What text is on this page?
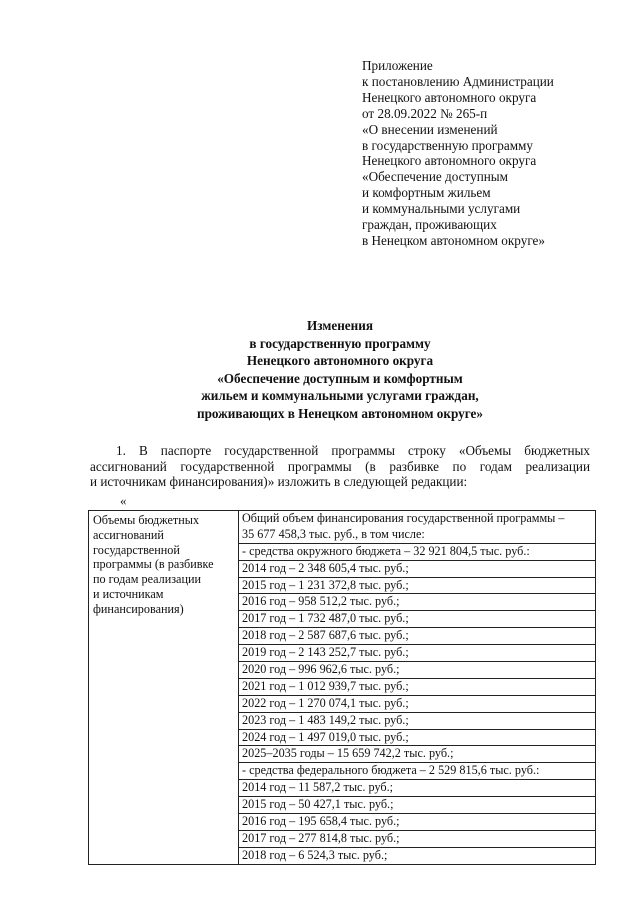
Приложение
к постановлению Администрации
Ненецкого автономного округа
от 28.09.2022 № 265-п
«О внесении изменений
в государственную программу
Ненецкого автономного округа
«Обеспечение доступным
и комфортным жильем
и коммунальными услугами
граждан, проживающих
в Ненецком автономном округе»
Изменения
в государственную программу
Ненецкого автономного округа
«Обеспечение доступным и комфортным
жильем и коммунальными услугами граждан,
проживающих в Ненецком автономном округе»
1. В паспорте государственной программы строку «Объемы бюджетных
ассигнований государственной программы (в разбивке по годам реализации
и источникам финансирования)» изложить в следующей редакции:
«
Объемы бюджетных
ассигнований
государственной
программы (в разбивке
по годам реализации
и источникам
финансирования)

Общий объем финансирования государственной программы –
35 677 458,3 тыс. руб., в том числе:
- средства окружного бюджета – 32 921 804,5 тыс. руб.:
2014 год – 2 348 605,4 тыс. руб.;
2015 год – 1 231 372,8 тыс. руб.;
2016 год – 958 512,2 тыс. руб.;
2017 год – 1 732 487,0 тыс. руб.;
2018 год – 2 587 687,6 тыс. руб.;
2019 год – 2 143 252,7 тыс. руб.;
2020 год – 996 962,6 тыс. руб.;
2021 год – 1 012 939,7 тыс. руб.;
2022 год – 1 270 074,1 тыс. руб.;
2023 год – 1 483 149,2 тыс. руб.;
2024 год – 1 497 019,0 тыс. руб.;
2025–2035 годы – 15 659 742,2 тыс. руб.;
- средства федерального бюджета – 2 529 815,6 тыс. руб.:
2014 год – 11 587,2 тыс. руб.;
2015 год – 50 427,1 тыс. руб.;
2016 год – 195 658,4 тыс. руб.;
2017 год – 277 814,8 тыс. руб.;
2018 год – 6 524,3 тыс. руб.;
